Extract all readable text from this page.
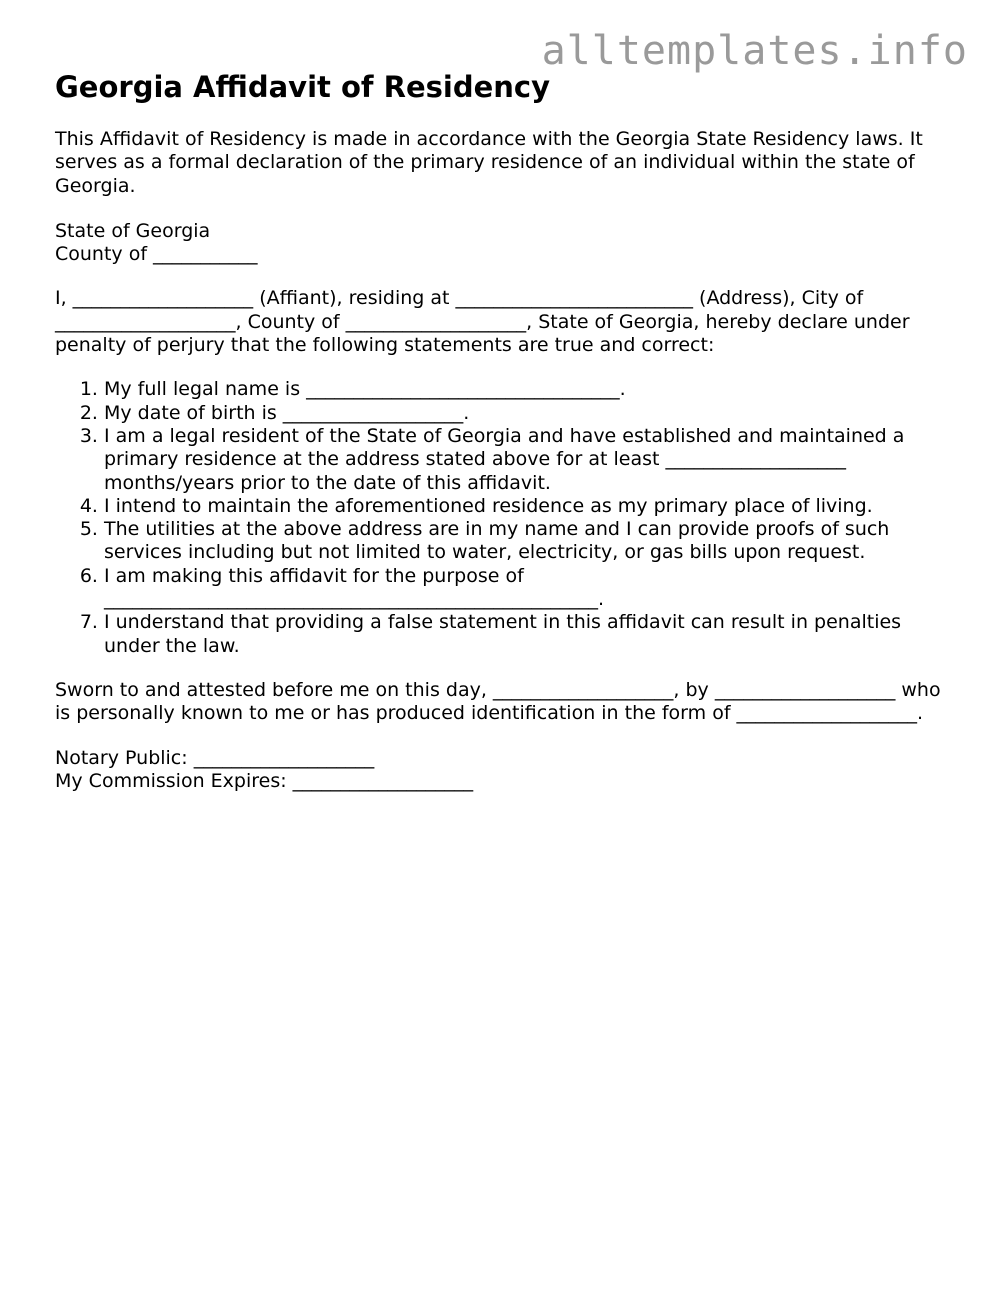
alltemplates.info
Georgia Affidavit of Residency

This Affidavit of Residency is made in accordance with the Georgia State Residency laws. It serves as a formal declaration of the primary residence of an individual within the state of Georgia.

State of Georgia

County of ___________

I, ___________________ (Affiant), residing at _________________________ (Address), City of ___________________, County of ___________________, State of Georgia, hereby declare under penalty of perjury that the following statements are true and correct:

1. My full legal name is _________________________________.
2. My date of birth is ___________________.
3. I am a legal resident of the State of Georgia and have established and maintained a primary residence at the address stated above for at least ___________________ months/years prior to the date of this affidavit.
4. I intend to maintain the aforementioned residence as my primary place of living.
5. The utilities at the above address are in my name and I can provide proofs of such services including but not limited to water, electricity, or gas bills upon request.
6. I am making this affidavit for the purpose of ____________________________________________________.
7. I understand that providing a false statement in this affidavit can result in penalties under the law.

Sworn to and attested before me on this day, ___________________, by ___________________ who is personally known to me or has produced identification in the form of ___________________.

Notary Public: ___________________

My Commission Expires: ___________________
